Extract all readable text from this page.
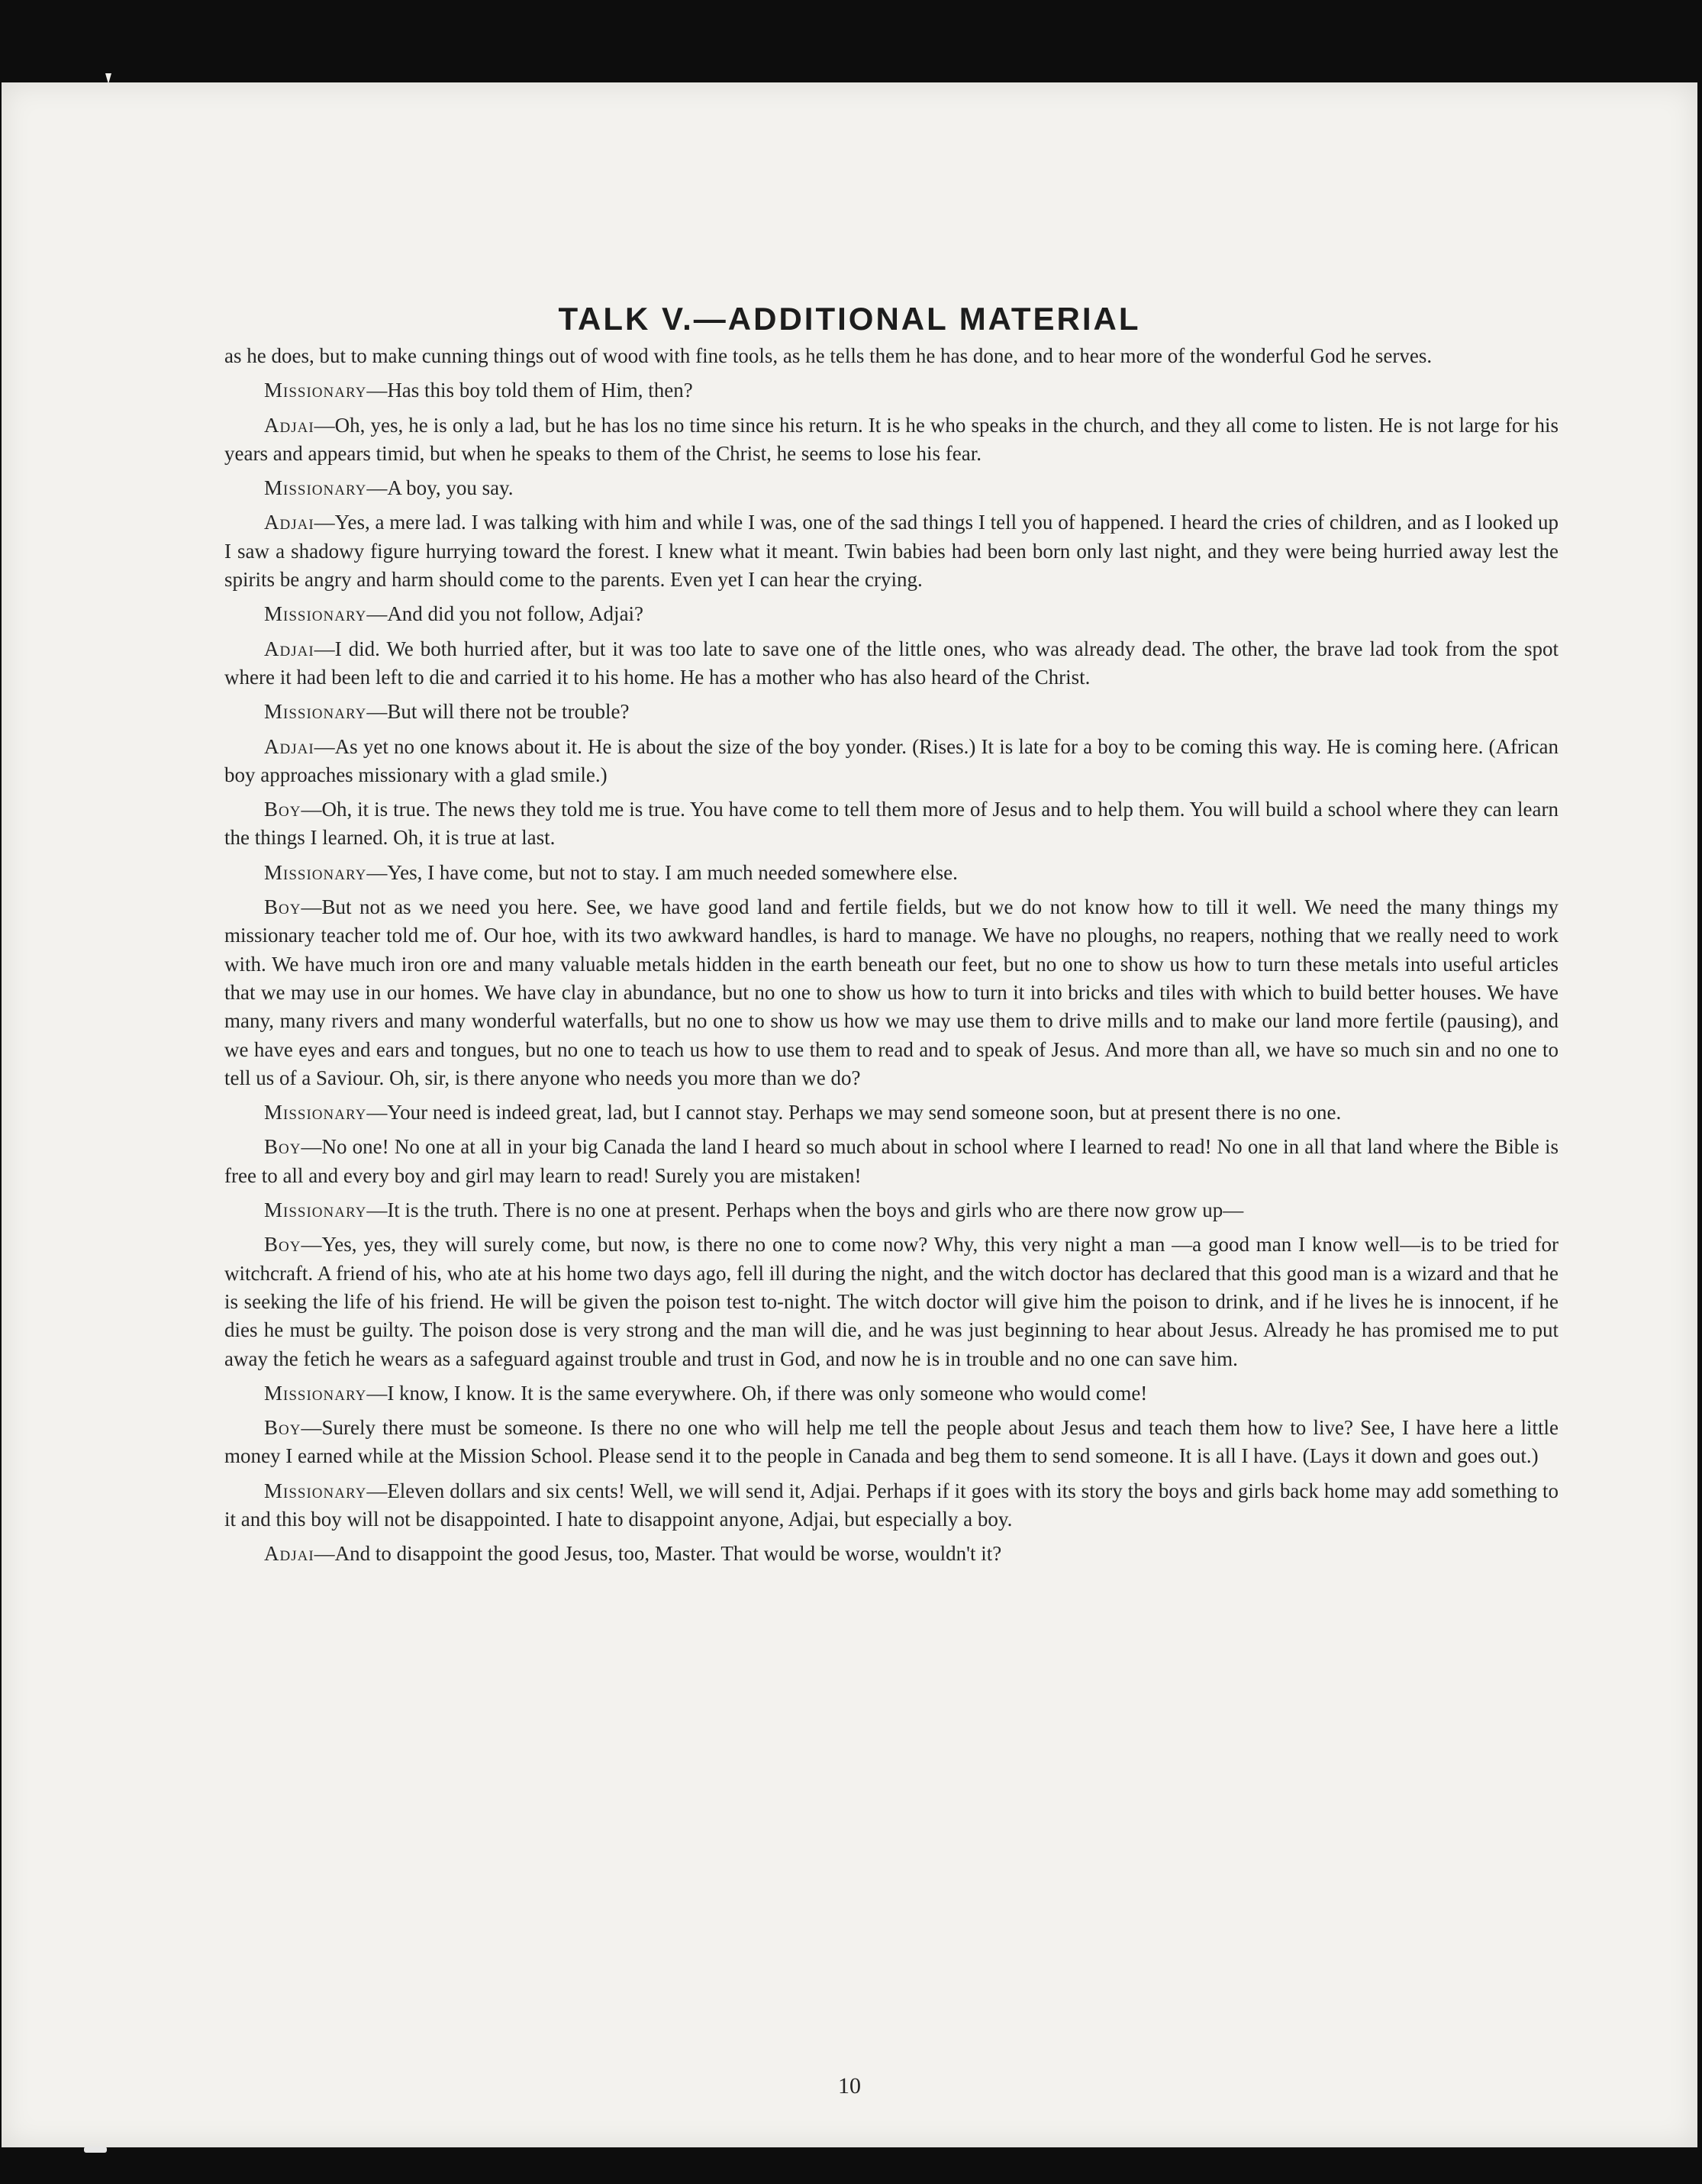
TALK V.—ADDITIONAL MATERIAL

as he does, but to make cunning things out of wood with fine tools, as he tells them he has done, and to hear more of the wonderful God he serves.

Missionary—Has this boy told them of Him, then?

Adjai—Oh, yes, he is only a lad, but he has los no time since his return. It is he who speaks in the church, and they all come to listen. He is not large for his years and appears timid, but when he speaks to them of the Christ, he seems to lose his fear.

Missionary—A boy, you say.

Adjai—Yes, a mere lad. I was talking with him and while I was, one of the sad things I tell you of happened. I heard the cries of children, and as I looked up I saw a shadowy figure hurrying toward the forest. I knew what it meant. Twin babies had been born only last night, and they were being hurried away lest the spirits be angry and harm should come to the parents. Even yet I can hear the crying.

Missionary—And did you not follow, Adjai?

Adjai—I did. We both hurried after, but it was too late to save one of the little ones, who was already dead. The other, the brave lad took from the spot where it had been left to die and carried it to his home. He has a mother who has also heard of the Christ.

Missionary—But will there not be trouble?

Adjai—As yet no one knows about it. He is about the size of the boy yonder. (Rises.) It is late for a boy to be coming this way. He is coming here. (African boy approaches missionary with a glad smile.)

Boy—Oh, it is true. The news they told me is true. You have come to tell them more of Jesus and to help them. You will build a school where they can learn the things I learned. Oh, it is true at last.

Missionary—Yes, I have come, but not to stay. I am much needed somewhere else.

Boy—But not as we need you here. See, we have good land and fertile fields, but we do not know how to till it well. We need the many things my missionary teacher told me of. Our hoe, with its two awkward handles, is hard to manage. We have no ploughs, no reapers, nothing that we really need to work with. We have much iron ore and many valuable metals hidden in the earth beneath our feet, but no one to show us how to turn these metals into useful articles that we may use in our homes. We have clay in abundance, but no one to show us how to turn it into bricks and tiles with which to build better houses. We have many, many rivers and many wonderful waterfalls, but no one to show us how we may use them to drive mills and to make our land more fertile (pausing), and we have eyes and ears and tongues, but no one to teach us how to use them to read and to speak of Jesus. And more than all, we have so much sin and no one to tell us of a Saviour. Oh, sir, is there anyone who needs you more than we do?

Missionary—Your need is indeed great, lad, but I cannot stay. Perhaps we may send someone soon, but at present there is no one.

Boy—No one! No one at all in your big Canada the land I heard so much about in school where I learned to read! No one in all that land where the Bible is free to all and every boy and girl may learn to read! Surely you are mistaken!

Missionary—It is the truth. There is no one at present. Perhaps when the boys and girls who are there now grow up—

Boy—Yes, yes, they will surely come, but now, is there no one to come now? Why, this very night a man —a good man I know well—is to be tried for witchcraft. A friend of his, who ate at his home two days ago, fell ill during the night, and the witch doctor has declared that this good man is a wizard and that he is seeking the life of his friend. He will be given the poison test to-night. The witch doctor will give him the poison to drink, and if he lives he is innocent, if he dies he must be guilty. The poison dose is very strong and the man will die, and he was just beginning to hear about Jesus. Already he has promised me to put away the fetich he wears as a safeguard against trouble and trust in God, and now he is in trouble and no one can save him.

Missionary—I know, I know. It is the same everywhere. Oh, if there was only someone who would come!

Boy—Surely there must be someone. Is there no one who will help me tell the people about Jesus and teach them how to live? See, I have here a little money I earned while at the Mission School. Please send it to the people in Canada and beg them to send someone. It is all I have. (Lays it down and goes out.)

Missionary—Eleven dollars and six cents! Well, we will send it, Adjai. Perhaps if it goes with its story the boys and girls back home may add something to it and this boy will not be disappointed. I hate to disappoint anyone, Adjai, but especially a boy.

Adjai—And to disappoint the good Jesus, too, Master. That would be worse, wouldn't it?

10
